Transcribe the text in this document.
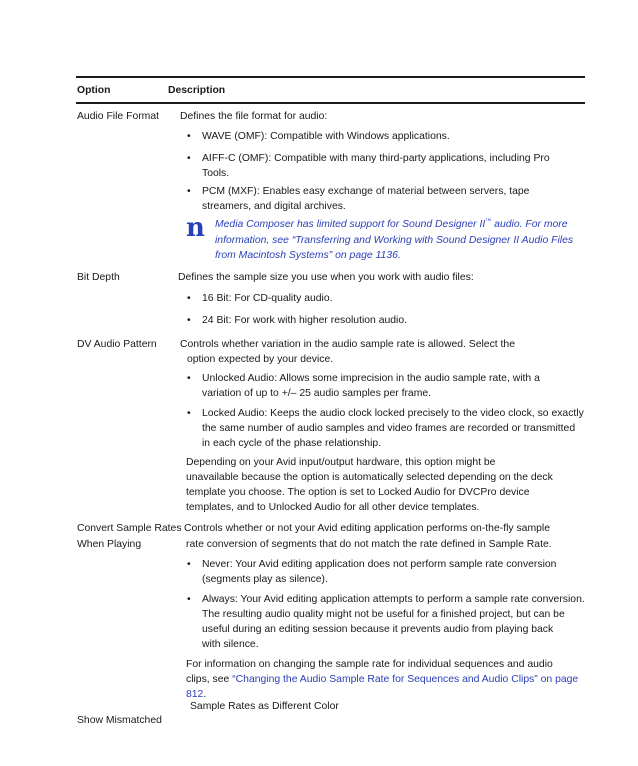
Option	Description
Audio File Format Defines the file format for audio:
• WAVE (OMF): Compatible with Windows applications.
• AIFF-C (OMF): Compatible with many third-party applications, including Pro
Tools.
• PCM (MXF): Enables easy exchange of material between servers, tape
streamers, and digital archives.
n Media Composer has limited support for Sound Designer II™ audio. For more
information, see “Transferring and Working with Sound Designer II Audio Files
from Macintosh Systems” on page 1136.
Bit Depth	Defines the sample size you use when you work with audio files:
• 16 Bit: For CD-quality audio.
• 24 Bit: For work with higher resolution audio.
DV Audio Pattern Controls whether variation in the audio sample rate is allowed. Select the
option expected by your device.
• Unlocked Audio: Allows some imprecision in the audio sample rate, with a
variation of up to +/– 25 audio samples per frame.
• Locked Audio: Keeps the audio clock locked precisely to the video clock, so exactly
the same number of audio samples and video frames are recorded or transmitted
in each cycle of the phase relationship.
Depending on your Avid input/output hardware, this option might be
unavailable because the option is automatically selected depending on the deck
template you choose. The option is set to Locked Audio for DVCPro device
templates, and to Unlocked Audio for all other device templates.
Convert Sample Rates
When Playing
Controls whether or not your Avid editing application performs on-the-fly sample
rate conversion of segments that do not match the rate defined in Sample Rate.
• Never: Your Avid editing application does not perform sample rate conversion
(segments play as silence).
• Always: Your Avid editing application attempts to perform a sample rate conversion.
The resulting audio quality might not be useful for a finished project, but can be
useful during an editing session because it prevents audio from playing back
with silence.
For information on changing the sample rate for individual sequences and audio
clips, see “Changing the Audio Sample Rate for Sequences and Audio Clips” on page
812.
Sample Rates as Different Color
Show Mismatched
